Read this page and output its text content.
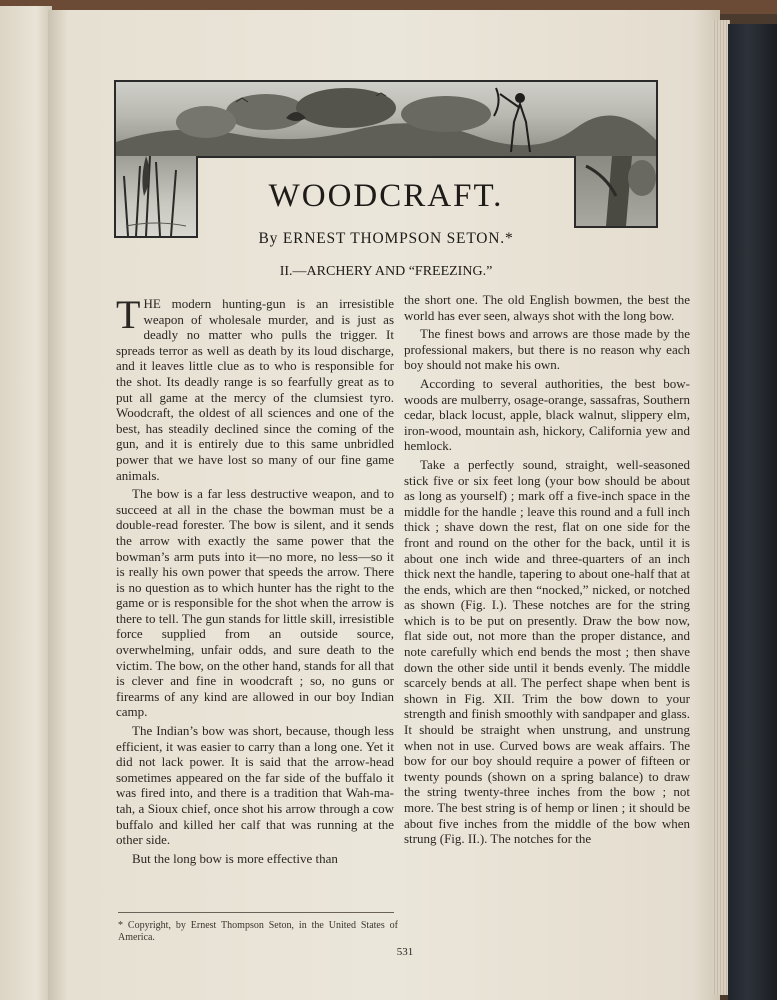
WOODCRAFT.
By ERNEST THOMPSON SETON.*
II.—ARCHERY AND “FREEZING.”

THE modern hunting-gun is an irresistible weapon of wholesale murder, and is just as deadly no matter who pulls the trigger. It spreads terror as well as death by its loud discharge, and it leaves little clue as to who is responsible for the shot. Its deadly range is so fearfully great as to put all game at the mercy of the clumsiest tyro. Woodcraft, the oldest of all sciences and one of the best, has steadily declined since the coming of the gun, and it is entirely due to this same unbridled power that we have lost so many of our fine game animals.

The bow is a far less destructive weapon, and to succeed at all in the chase the bowman must be a double-read forester. The bow is silent, and it sends the arrow with exactly the same power that the bowman’s arm puts into it—no more, no less—so it is really his own power that speeds the arrow. There is no question as to which hunter has the right to the game or is responsible for the shot when the arrow is there to tell. The gun stands for little skill, irresistible force supplied from an outside source, overwhelming, unfair odds, and sure death to the victim. The bow, on the other hand, stands for all that is clever and fine in woodcraft ; so, no guns or firearms of any kind are allowed in our boy Indian camp.

The Indian’s bow was short, because, though less efficient, it was easier to carry than a long one. Yet it did not lack power. It is said that the arrow-head sometimes appeared on the far side of the buffalo it was fired into, and there is a tradition that Wah-ma-tah, a Sioux chief, once shot his arrow through a cow buffalo and killed her calf that was running at the other side.

But the long bow is more effective than

the short one. The old English bowmen, the best the world has ever seen, always shot with the long bow.

The finest bows and arrows are those made by the professional makers, but there is no reason why each boy should not make his own.

According to several authorities, the best bow-woods are mulberry, osage-orange, sassafras, Southern cedar, black locust, apple, black walnut, slippery elm, iron-wood, mountain ash, hickory, California yew and hemlock.

Take a perfectly sound, straight, well-seasoned stick five or six feet long (your bow should be about as long as yourself) ; mark off a five-inch space in the middle for the handle ; leave this round and a full inch thick ; shave down the rest, flat on one side for the front and round on the other for the back, until it is about one inch wide and three-quarters of an inch thick next the handle, tapering to about one-half that at the ends, which are then “nocked,” nicked, or notched as shown (Fig. I.). These notches are for the string which is to be put on presently. Draw the bow now, flat side out, not more than the proper distance, and note carefully which end bends the most ; then shave down the other side until it bends evenly. The middle scarcely bends at all. The perfect shape when bent is shown in Fig. XII. Trim the bow down to your strength and finish smoothly with sandpaper and glass. It should be straight when unstrung, and unstrung when not in use. Curved bows are weak affairs. The bow for our boy should require a power of fifteen or twenty pounds (shown on a spring balance) to draw the string twenty-three inches from the bow ; not more. The best string is of hemp or linen ; it should be about five inches from the middle of the bow when strung (Fig. II.). The notches for the

* Copyright, by Ernest Thompson Seton, in the United States of America.
531
